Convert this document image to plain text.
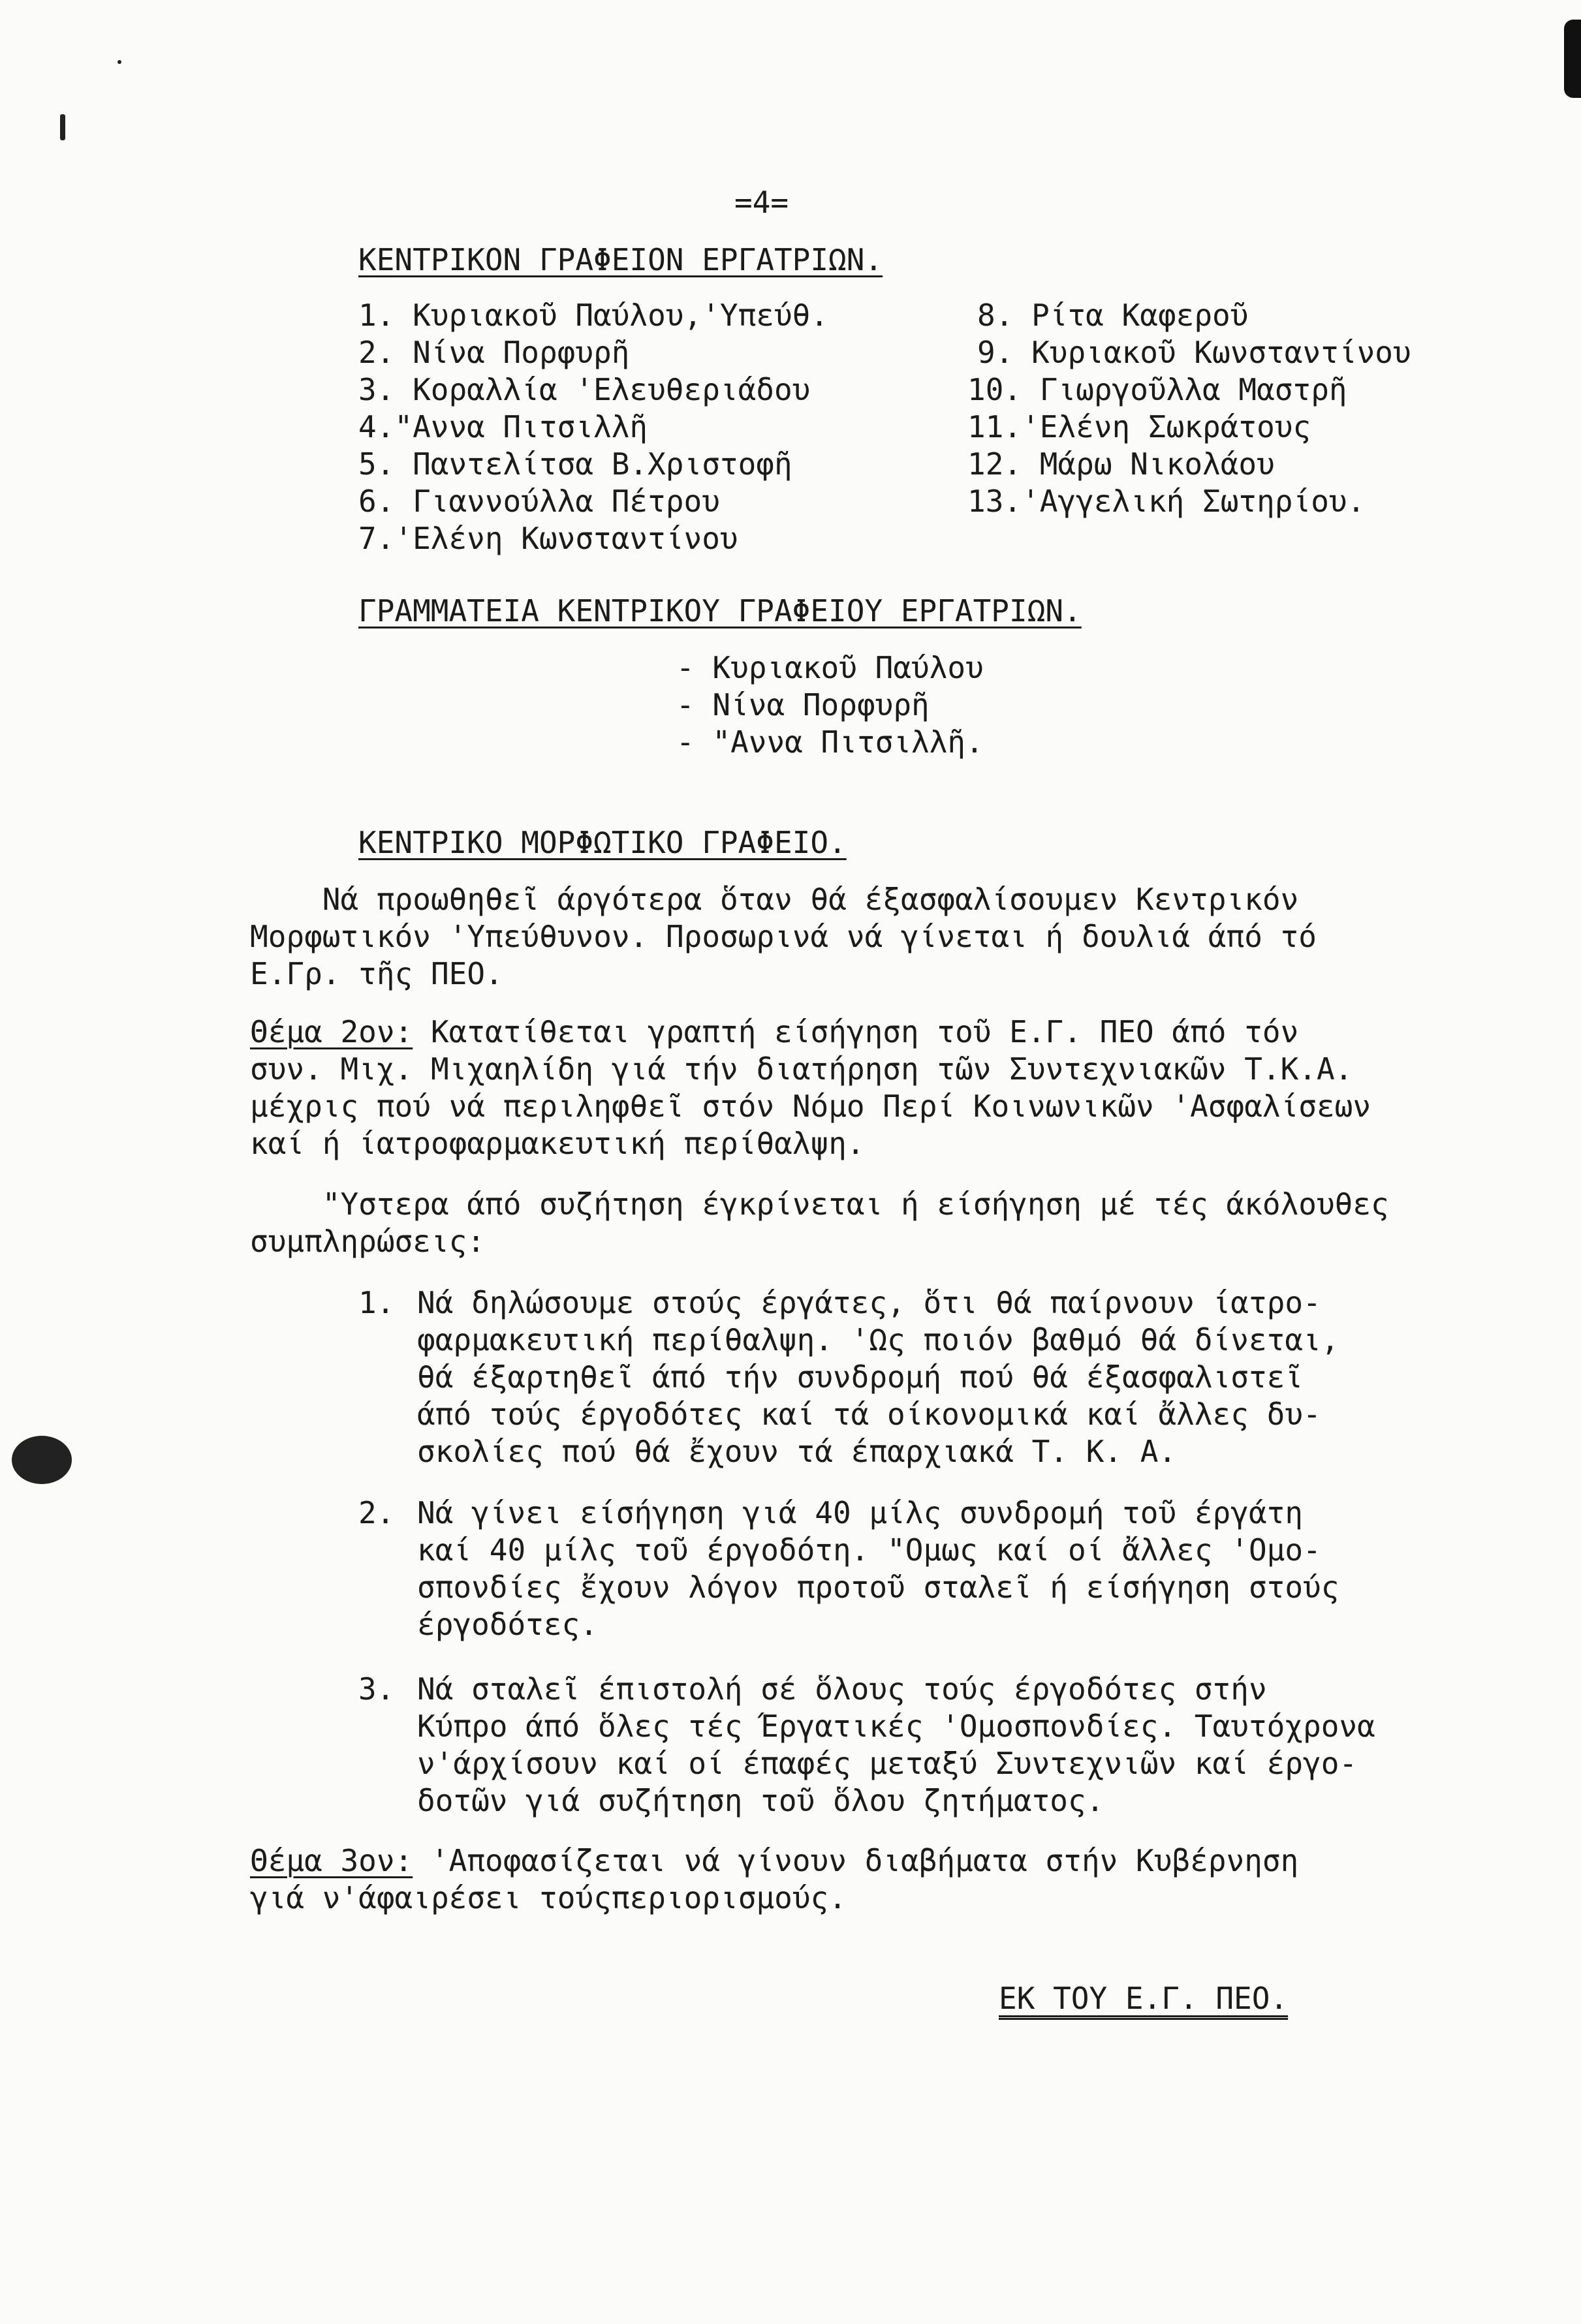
=4=
ΚΕΝΤΡΙΚΟΝ ΓΡΑΦΕΙΟΝ ΕΡΓΑΤΡΙΩΝ.
1. Κυριακοῦ Παύλου,'Υπεύθ.
2. Νίνα Πορφυρῆ
3. Κοραλλία 'Ελευθεριάδου
4."Αννα Πιτσιλλῆ
5. Παντελίτσα Β.Χριστοφῆ
6. Γιαννούλλα Πέτρου
7.'Ελένη Κωνσταντίνου
8. Ρίτα Καφεροῦ
9. Κυριακοῦ Κωνσταντίνου
10. Γιωργοῦλλα Μαστρῆ
11.'Ελένη Σωκράτους
12. Μάρω Νικολάου
13.'Αγγελική Σωτηρίου.
ΓΡΑΜΜΑΤΕΙΑ ΚΕΝΤΡΙΚΟΥ ΓΡΑΦΕΙΟΥ ΕΡΓΑΤΡΙΩΝ.
- Κυριακοῦ Παύλου
- Νίνα Πορφυρῆ
- "Αννα Πιτσιλλῆ.
ΚΕΝΤΡΙΚΟ ΜΟΡΦΩΤΙΚΟ ΓΡΑΦΕΙΟ.
Νά προωθηθεῖ άργότερα ὅταν θά έξασφαλίσουμεν Κεντρικόν
Μορφωτικόν 'Υπεύθυνον. Προσωρινά νά γίνεται ή δουλιά άπό τό
Ε.Γρ. τῆς ΠΕΟ.
Θέμα 2ον: Κατατίθεται γραπτή είσήγηση τοῦ Ε.Γ. ΠΕΟ άπό τόν
συν. Μιχ. Μιχαηλίδη γιά τήν διατήρηση τῶν Συντεχνιακῶν Τ.Κ.Α.
μέχρις πού νά περιληφθεῖ στόν Νόμο Περί Κοινωνικῶν 'Ασφαλίσεων
καί ή ίατροφαρμακευτική περίθαλψη.
"Υστερα άπό συζήτηση έγκρίνεται ή είσήγηση μέ τές άκόλουθες
συμπληρώσεις:
1. Νά δηλώσουμε στούς έργάτες, ὅτι θά παίρνουν ίατρο-
φαρμακευτική περίθαλψη. 'Ως ποιόν βαθμό θά δίνεται,
θά έξαρτηθεῖ άπό τήν συνδρομή πού θά έξασφαλιστεῖ
άπό τούς έργοδότες καί τά οίκονομικά καί ἄλλες δυ-
σκολίες πού θά ἔχουν τά έπαρχιακά Τ. Κ. Α.
2. Νά γίνει είσήγηση γιά 40 μίλς συνδρομή τοῦ έργάτη
καί 40 μίλς τοῦ έργοδότη. "Ομως καί οί ἄλλες 'Ομο-
σπονδίες ἔχουν λόγον προτοῦ σταλεῖ ή είσήγηση στούς
έργοδότες.
3. Νά σταλεῖ έπιστολή σέ ὅλους τούς έργοδότες στήν
Κύπρο άπό ὅλες τές Έργατικές 'Ομοσπονδίες. Ταυτόχρονα
ν'άρχίσουν καί οί έπαφές μεταξύ Συντεχνιῶν καί έργο-
δοτῶν γιά συζήτηση τοῦ ὅλου ζητήματος.
Θέμα 3ον: 'Αποφασίζεται νά γίνουν διαβήματα στήν Κυβέρνηση
γιά ν'άφαιρέσει τούςπεριορισμούς.
ΕΚ ΤΟΥ Ε.Γ. ΠΕΟ.
